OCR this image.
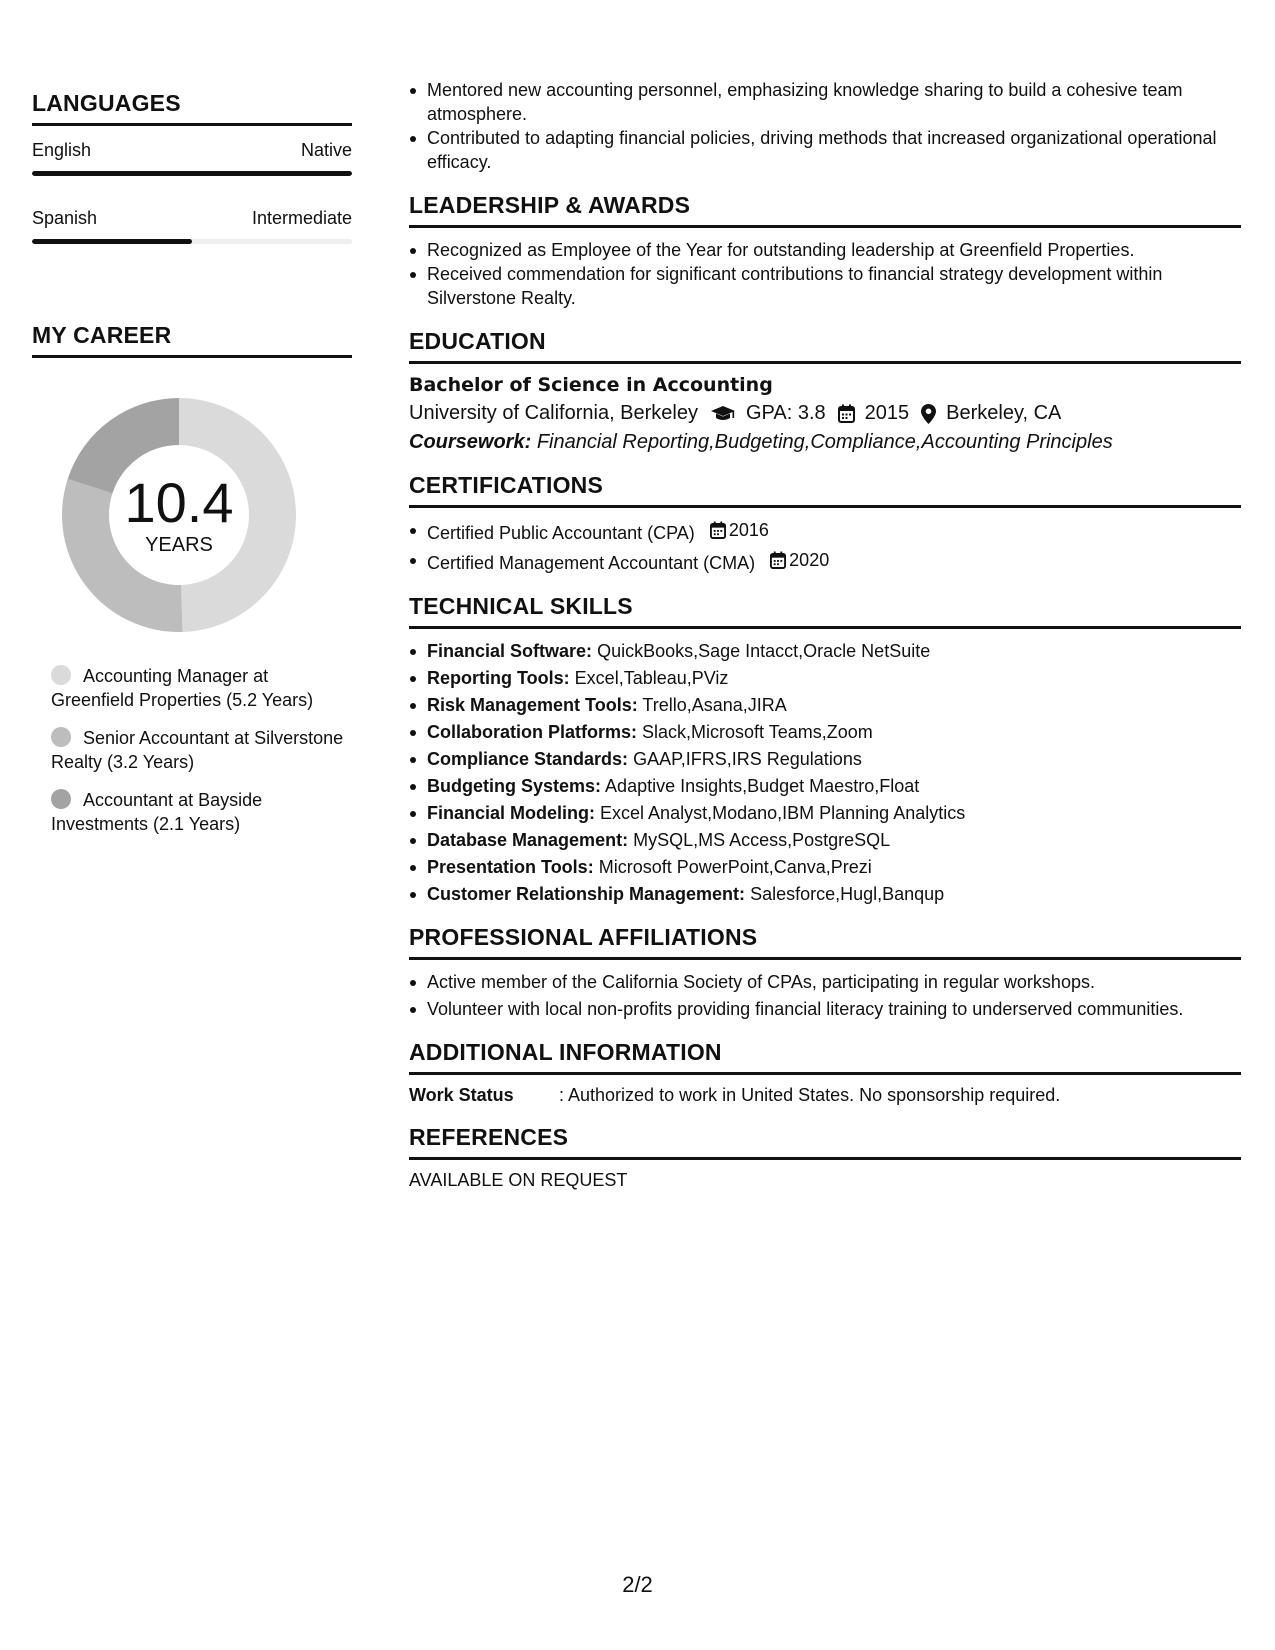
LANGUAGES
English	Native
Spanish	Intermediate
MY CAREER
10.4
YEARS
Accounting Manager at Greenfield Properties (5.2 Years)
Senior Accountant at Silverstone Realty (3.2 Years)
Accountant at Bayside Investments (2.1 Years)
Mentored new accounting personnel, emphasizing knowledge sharing to build a cohesive team atmosphere.
Contributed to adapting financial policies, driving methods that increased organizational operational efficacy.
LEADERSHIP & AWARDS
Recognized as Employee of the Year for outstanding leadership at Greenfield Properties.
Received commendation for significant contributions to financial strategy development within Silverstone Realty.
EDUCATION
Bachelor of Science in Accounting
University of California, Berkeley GPA: 3.8 2015 Berkeley, CA
Coursework: Financial Reporting,Budgeting,Compliance,Accounting Principles
CERTIFICATIONS
Certified Public Accountant (CPA) 2016
Certified Management Accountant (CMA) 2020
TECHNICAL SKILLS
Financial Software: QuickBooks,Sage Intacct,Oracle NetSuite
Reporting Tools: Excel,Tableau,PViz
Risk Management Tools: Trello,Asana,JIRA
Collaboration Platforms: Slack,Microsoft Teams,Zoom
Compliance Standards: GAAP,IFRS,IRS Regulations
Budgeting Systems: Adaptive Insights,Budget Maestro,Float
Financial Modeling: Excel Analyst,Modano,IBM Planning Analytics
Database Management: MySQL,MS Access,PostgreSQL
Presentation Tools: Microsoft PowerPoint,Canva,Prezi
Customer Relationship Management: Salesforce,Hugl,Banqup
PROFESSIONAL AFFILIATIONS
Active member of the California Society of CPAs, participating in regular workshops.
Volunteer with local non-profits providing financial literacy training to underserved communities.
ADDITIONAL INFORMATION
Work Status	: Authorized to work in United States. No sponsorship required.
REFERENCES
AVAILABLE ON REQUEST
2/2
